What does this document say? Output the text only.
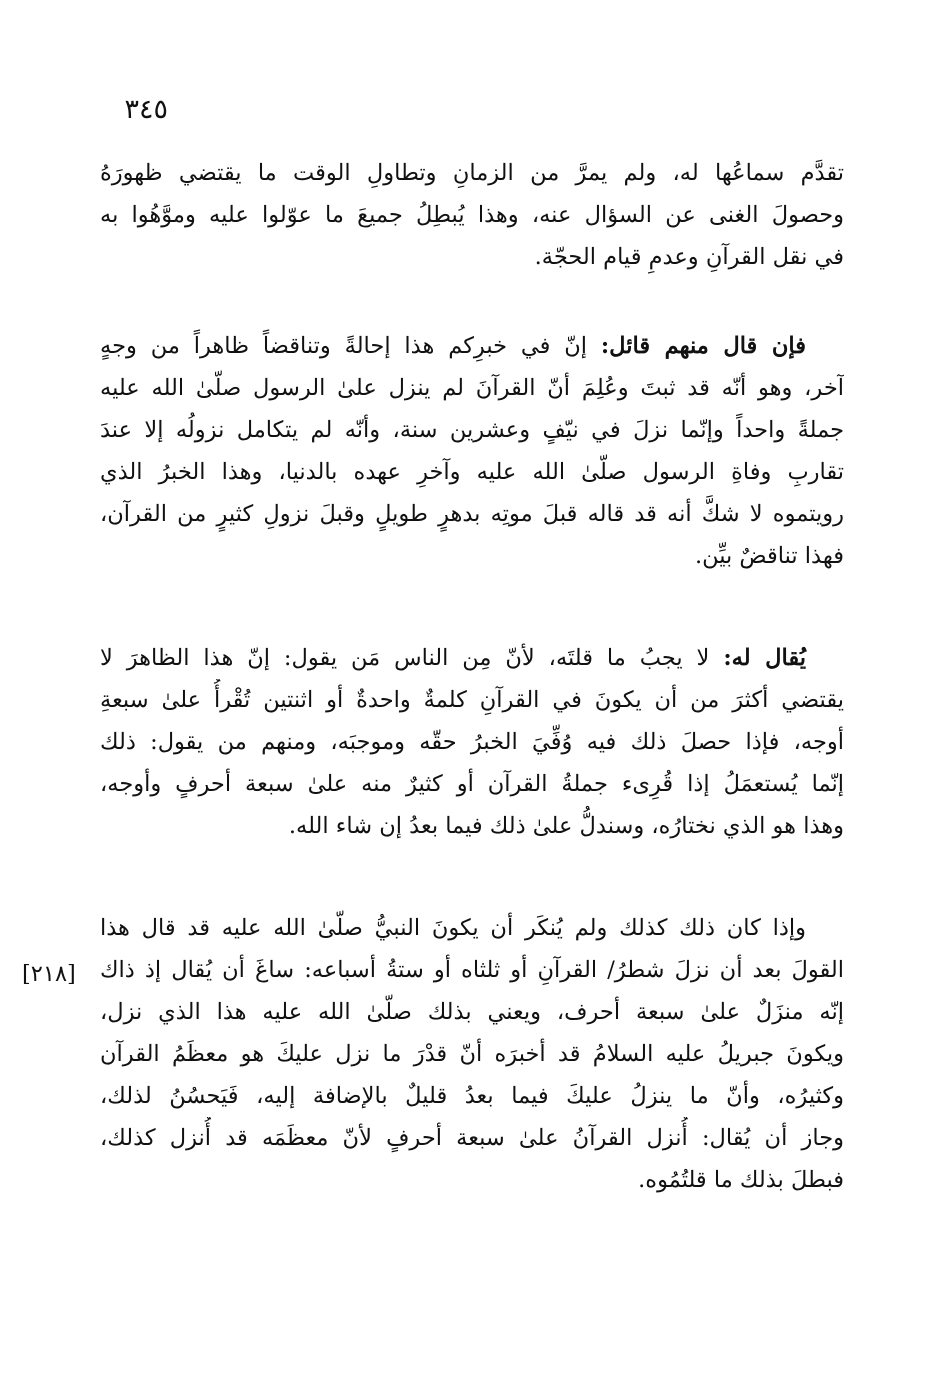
٣٤٥
[٢١٨]
تقدَّم سماعُها له، ولم يمرَّ من الزمانِ وتطاولِ الوقت ما يقتضي ظهورَهُ
وحصولَ الغنى عن السؤال عنه، وهذا يُبطِلُ جميعَ ما عوّلوا عليه وموَّهُوا به
في نقل القرآنِ وعدمِ قيام الحجّة.
فإن قال منهم قائل: إنّ في خبرِكم هذا إحالةً وتناقضاً ظاهراً من وجهٍ
آخر، وهو أنّه قد ثبتَ وعُلِمَ أنّ القرآنَ لم ينزل علىٰ الرسول صلّىٰ الله عليه
جملةً واحداً وإنّما نزلَ في نيّفٍ وعشرين سنة، وأنّه لم يتكامل نزولُه إلا عندَ
تقاربِ وفاةِ الرسول صلّىٰ الله عليه وآخرِ عهده بالدنيا، وهذا الخبرُ الذي
رويتموه لا شكَّ أنه قد قاله قبلَ موتِه بدهرٍ طويلٍ وقبلَ نزولِ كثيرٍ من القرآن،
فهذا تناقضٌ بيِّن.
يُقال له: لا يجبُ ما قلتَه، لأنّ مِن الناس مَن يقول: إنّ هذا الظاهرَ لا
يقتضي أكثرَ من أن يكونَ في القرآنِ كلمةٌ واحدةٌ أو اثنتين تُقْرأُ علىٰ سبعةِ
أوجه، فإذا حصلَ ذلك فيه وُفِّيَ الخبرُ حقّه وموجبَه، ومنهم من يقول: ذلك
إنّما يُستعمَلُ إذا قُرِىء جملةُ القرآن أو كثيرٌ منه علىٰ سبعة أحرفٍ وأوجه،
وهذا هو الذي نختارُه، وسندلُّ علىٰ ذلك فيما بعدُ إن شاء الله.
وإذا كان ذلك كذلك ولم يُنكَر أن يكونَ النبيُّ صلّىٰ الله عليه قد قال هذا
القولَ بعد أن نزلَ شطرُ/ القرآنِ أو ثلثاه أو ستةُ أسباعه: ساغَ أن يُقال إذ ذاك
إنّه منزَلٌ علىٰ سبعة أحرف، ويعني بذلك صلّىٰ الله عليه هذا الذي نزل،
ويكونَ جبريلُ عليه السلامُ قد أخبرَه أنّ قدْرَ ما نزل عليكَ هو معظَمُ القرآن
وكثيرُه، وأنّ ما ينزلُ عليكَ فيما بعدُ قليلٌ بالإضافة إليه، فَيَحسُنُ لذلك،
وجاز أن يُقال: أُنزل القرآنُ علىٰ سبعة أحرفٍ لأنّ معظَمَه قد أُنزل كذلك،
فبطلَ بذلك ما قلتُمُوه.
